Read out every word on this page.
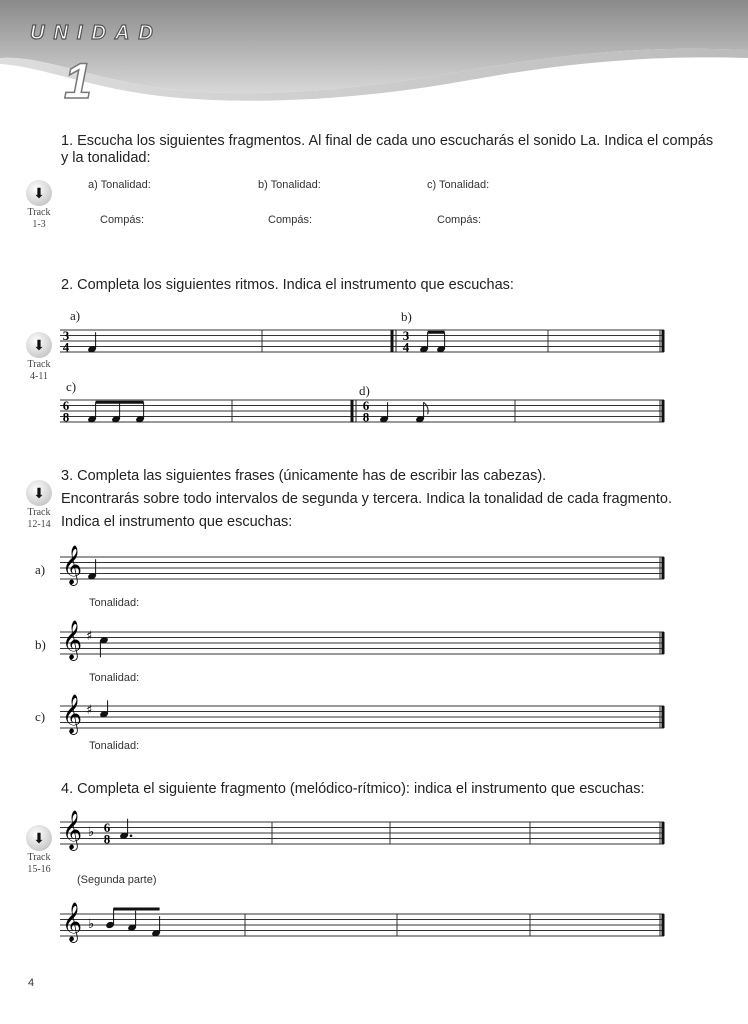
UNIDAD
1
3
4
3
4
6
8
6
8
𝄞
𝄞 ♯
𝄞 ♯
𝄞 ♭ 6
8
𝄞 ♭
1. Escucha los siguientes fragmentos. Al final de cada uno escucharás el sonido La. Indica el compás
y la tonalidad:
⬇
Track
1-3
a) Tonalidad:	b) Tonalidad:	c) Tonalidad:
Compás:	Compás:	Compás:
2. Completa los siguientes ritmos. Indica el instrumento que escuchas:
⬇
Track
4-11
a)	b)
c)	d)
3. Completa las siguientes frases (únicamente has de escribir las cabezas).
Encontrarás sobre todo intervalos de segunda y tercera. Indica la tonalidad de cada fragmento.
Indica el instrumento que escuchas:
⬇
Track
12-14
a)
b)
c)
Tonalidad:
Tonalidad:
Tonalidad:
4. Completa el siguiente fragmento (melódico-rítmico): indica el instrumento que escuchas:
⬇
Track
15-16
(Segunda parte)
4
